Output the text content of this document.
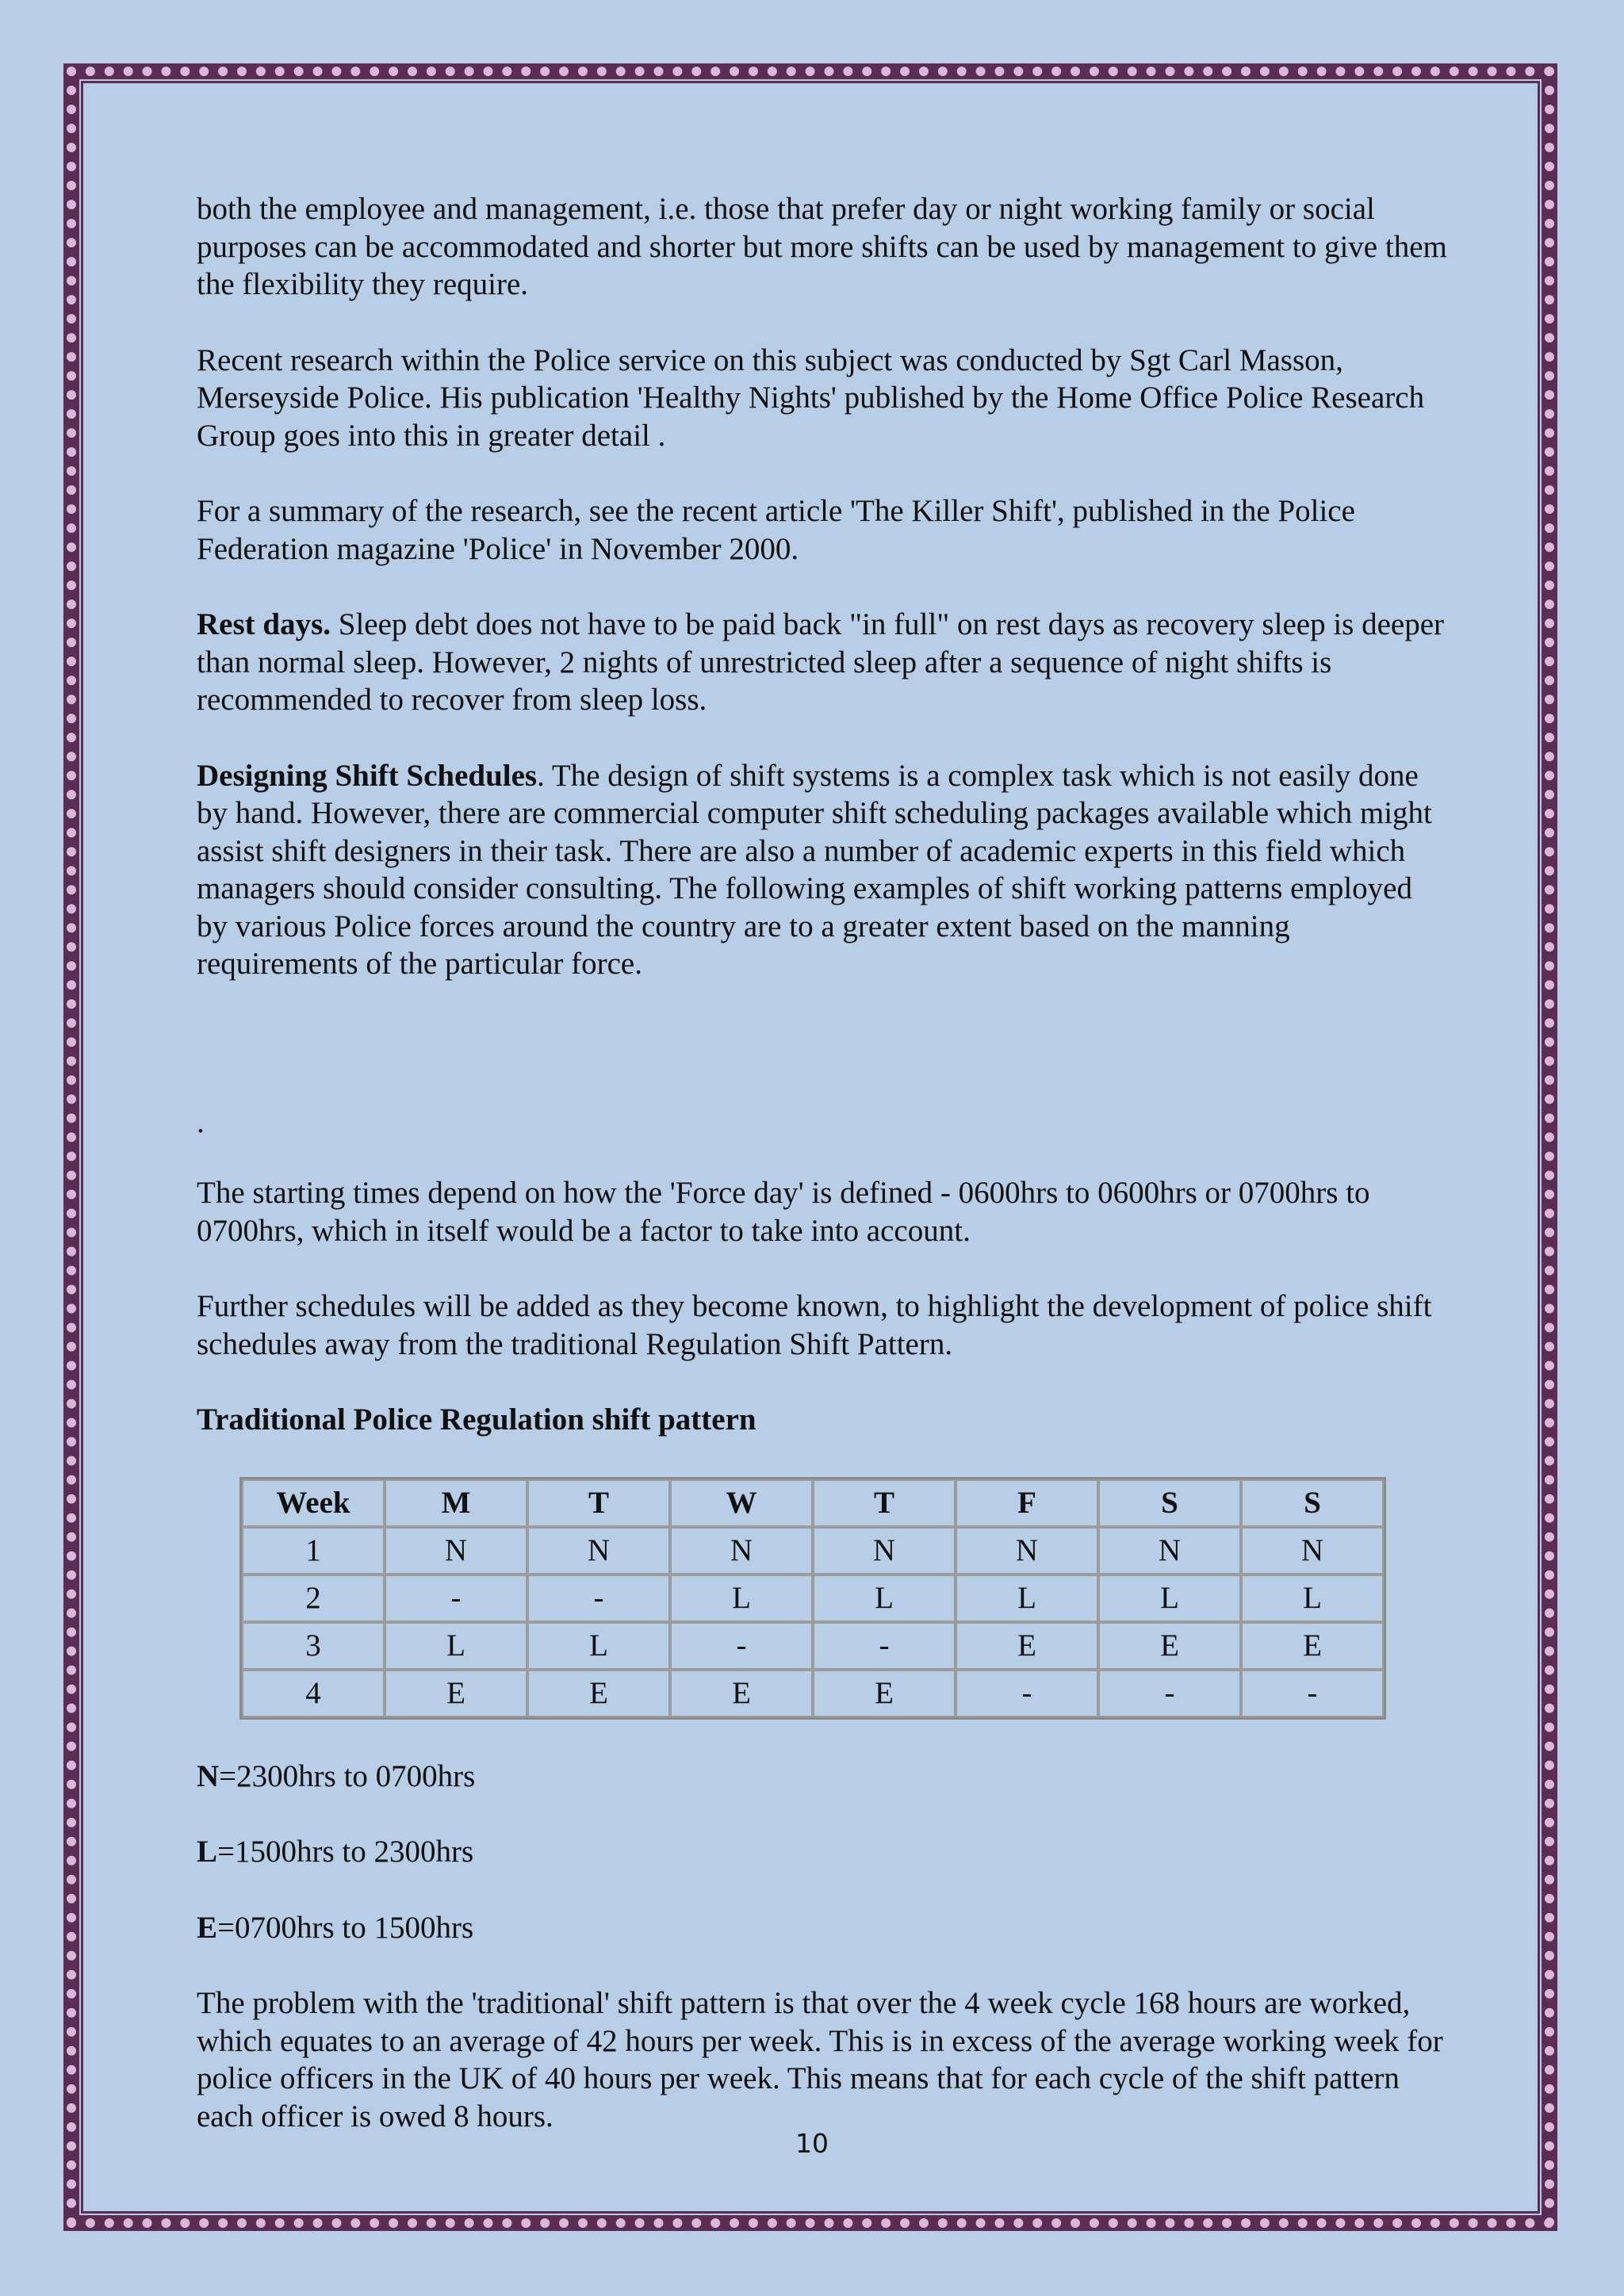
both the employee and management, i.e. those that prefer day or night working family or social purposes can be accommodated and shorter but more shifts can be used by management to give them the flexibility they require.

Recent research within the Police service on this subject was conducted by Sgt Carl Masson, Merseyside Police. His publication 'Healthy Nights' published by the Home Office Police Research Group goes into this in greater detail .

For a summary of the research, see the recent article 'The Killer Shift', published in the Police Federation magazine 'Police' in November 2000.

Rest days. Sleep debt does not have to be paid back "in full" on rest days as recovery sleep is deeper than normal sleep. However, 2 nights of unrestricted sleep after a sequence of night shifts is recommended to recover from sleep loss.

Designing Shift Schedules. The design of shift systems is a complex task which is not easily done by hand. However, there are commercial computer shift scheduling packages available which might assist shift designers in their task. There are also a number of academic experts in this field which managers should consider consulting. The following examples of shift working patterns employed by various Police forces around the country are to a greater extent based on the manning requirements of the particular force.

.

The starting times depend on how the 'Force day' is defined - 0600hrs to 0600hrs or 0700hrs to 0700hrs, which in itself would be a factor to take into account.

Further schedules will be added as they become known, to highlight the development of police shift schedules away from the traditional Regulation Shift Pattern.

Traditional Police Regulation shift pattern
Week	M	T	W	T	F	S	S
1	N	N	N	N	N	N	N
2	-	-	L	L	L	L	L
3	L	L	-	-	E	E	E
4	E	E	E	E	-	-	-

N=2300hrs to 0700hrs

L=1500hrs to 2300hrs

E=0700hrs to 1500hrs

The problem with the 'traditional' shift pattern is that over the 4 week cycle 168 hours are worked, which equates to an average of 42 hours per week. This is in excess of the average working week for police officers in the UK of 40 hours per week. This means that for each cycle of the shift pattern each officer is owed 8 hours.

10
